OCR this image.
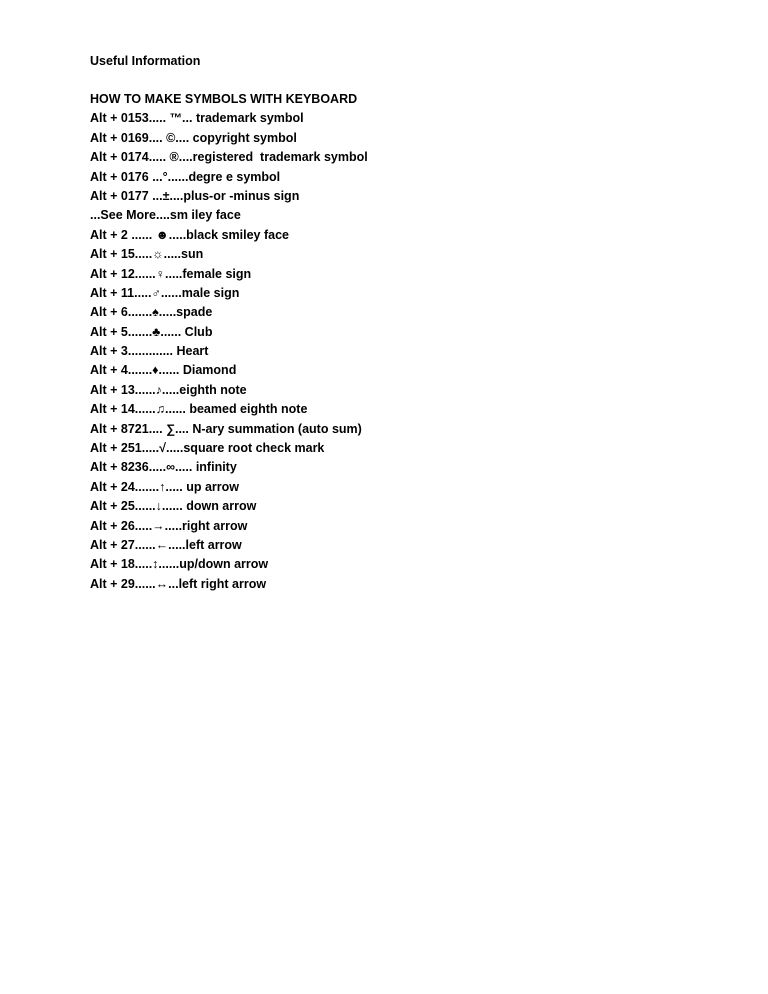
Useful Information
HOW TO MAKE SYMBOLS WITH KEYBOARD
Alt + 0153..... ™... trademark symbol
Alt + 0169.... ©.... copyright symbol
Alt + 0174..... ®....registered  trademark symbol
Alt + 0176 ...°......degre e symbol
Alt + 0177 ...±....plus-or -minus sign
...See More....sm iley face
Alt + 2 ...... ☻.....black smiley face
Alt + 15.....☼.....sun
Alt + 12......♀.....female sign
Alt + 11.....♂......male sign
Alt + 6.......♠.....spade
Alt + 5.......♣...... Club
Alt + 3............. Heart
Alt + 4.......♦...... Diamond
Alt + 13......♪.....eighth note
Alt + 14......♫...... beamed eighth note
Alt + 8721.... ∑.... N-ary summation (auto sum)
Alt + 251.....√.....square root check mark
Alt + 8236.....∞..... infinity
Alt + 24.......↑..... up arrow
Alt + 25......↓...... down arrow
Alt + 26.....→.....right arrow
Alt + 27......←.....left arrow
Alt + 18.....↕......up/down arrow
Alt + 29......↔...left right arrow
